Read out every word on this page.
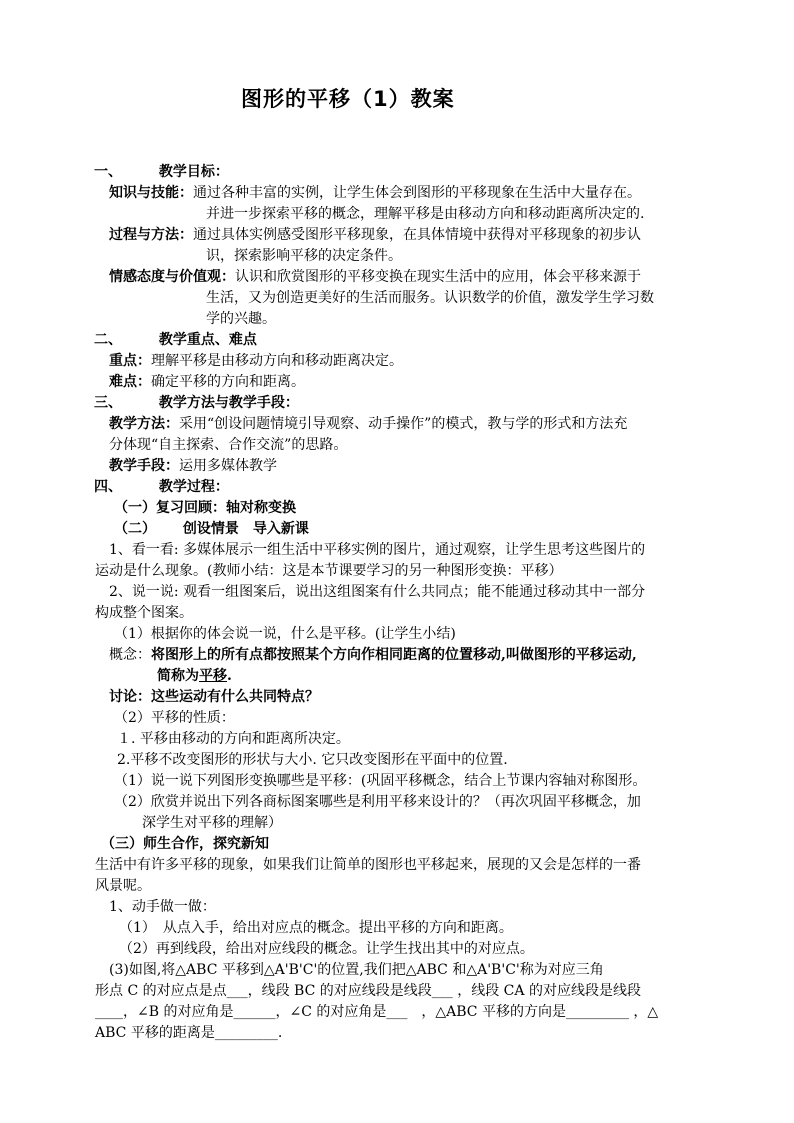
图形的平移（1）教案
一、	教学目标：
知识与技能：通过各种丰富的实例，让学生体会到图形的平移现象在生活中大量存在。
并进一步探索平移的概念，理解平移是由移动方向和移动距离所决定的.
过程与方法：通过具体实例感受图形平移现象，在具体情境中获得对平移现象的初步认
识，探索影响平移的决定条件。
情感态度与价值观：认识和欣赏图形的平移变换在现实生活中的应用，体会平移来源于
生活，又为创造更美好的生活而服务。认识数学的价值，激发学生学习数
学的兴趣。
二、	教学重点、难点
重点：理解平移是由移动方向和移动距离决定。
难点：确定平移的方向和距离。
三、	教学方法与教学手段：
教学方法：采用“创设问题情境引导观察、动手操作”的模式，教与学的形式和方法充
分体现“自主探索、合作交流”的思路。
教学手段：运用多媒体教学
四、	教学过程：
（一）复习回顾：轴对称变换
（二） 创设情景　导入新课
1、看一看: 多媒体展示一组生活中平移实例的图片，通过观察，让学生思考这些图片的
运动是什么现象。(教师小结：这是本节课要学习的另一种图形变换：平移）
2、说一说: 观看一组图案后，说出这组图案有什么共同点；能不能通过移动其中一部分
构成整个图案。
（1）根据你的体会说一说，什么是平移。(让学生小结)
概念：将图形上的所有点都按照某个方向作相同距离的位置移动,叫做图形的平移运动,
简称为平移.
讨论：这些运动有什么共同特点？
（2）平移的性质：
１. 平移由移动的方向和距离所决定。
2.平移不改变图形的形状与大小. 它只改变图形在平面中的位置.
（1）说一说下列图形变换哪些是平移：(巩固平移概念，结合上节课内容轴对称图形。
（2）欣赏并说出下列各商标图案哪些是利用平移来设计的？（再次巩固平移概念，加
深学生对平移的理解）
（三）师生合作，探究新知
生活中有许多平移的现象，如果我们让简单的图形也平移起来，展现的又会是怎样的一番
风景呢。
1、动手做一做：
（1）　从点入手，给出对应点的概念。提出平移的方向和距离。
（2）再到线段，给出对应线段的概念。让学生找出其中的对应点。
(3)如图,将△ABC 平移到△A'B'C'的位置,我们把△ABC 和△A'B'C'称为对应三角
形点 C 的对应点是点___，线段 BC 的对应线段是线段___ ，线段 CA 的对应线段是线段
____，∠B 的对应角是______，∠C 的对应角是___　，△ABC 平移的方向是_________ ，△
ABC 平移的距离是_________.
